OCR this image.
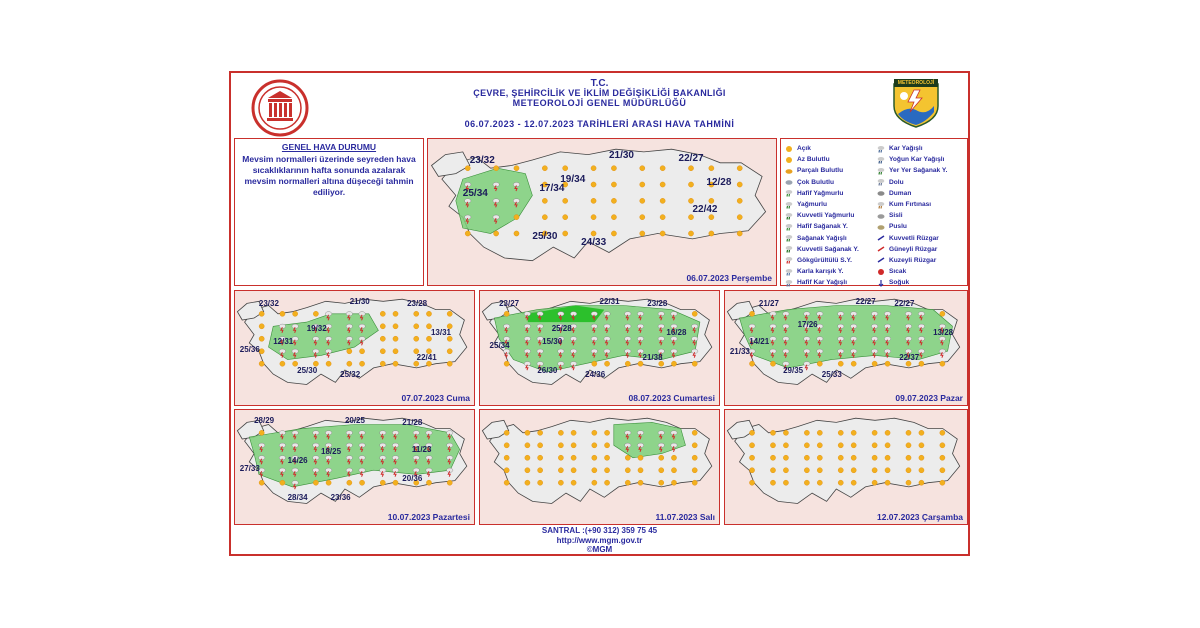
T.C.
ÇEVRE, ŞEHİRCİLİK VE İKLİM DEĞİŞİKLİĞİ BAKANLIĞI
METEOROLOJİ GENEL MÜDÜRLÜĞÜ
06.07.2023 - 12.07.2023 TARİHLERİ ARASI HAVA TAHMİNİ
METEOROLOJİ
GENEL HAVA DURUMU
Mevsim normalleri üzerinde seyreden hava sıcaklıklarının hafta sonunda azalarak mevsim normalleri altına düşeceği tahmin ediliyor.
23/32	21/30	22/27
17/34
19/34
25/34
12/28
22/42
25/30 24/33
06.07.2023 Perşembe
Açık
Az Bulutlu
Parçalı Bulutlu
Çok Bulutlu
Hafif Yağmurlu
Yağmurlu
Kuvvetli Yağmurlu
Hafif Sağanak Y.
Sağanak Yağışlı
Kuvvetli Sağanak Y.
Gökgürültülü S.Y.
Karla karışık Y.
Hafif Kar Yağışlı
Kar Yağışlı
Yoğun Kar Yağışlı
Yer Yer Sağanak Y.
Dolu
Duman
Kum Fırtınası
Sisli
Puslu
Kuvvetli Rüzgar
Güneyli Rüzgar
Kuzeyli Rüzgar
Sıcak
Soğuk
23/32	21/30	23/28
12/31
19/32
25/36
13/31
22/41
25/30	25/32
07.07.2023 Cuma
23/27	22/31	23/28
15/30
25/28
25/34
16/28
21/38
26/30	24/36
08.07.2023 Cumartesi
21/27	22/27 22/27
17/26
14/21
21/33
13/28
22/37
29/35 25/33
09.07.2023 Pazar
28/29	20/25	21/28
18/25
14/26
27/33
11/23
20/36
28/34	23/36
10.07.2023 Pazartesi	11.07.2023 Salı	12.07.2023 Çarşamba
SANTRAL :(+90 312) 359 75 45
http://www.mgm.gov.tr
©MGM
